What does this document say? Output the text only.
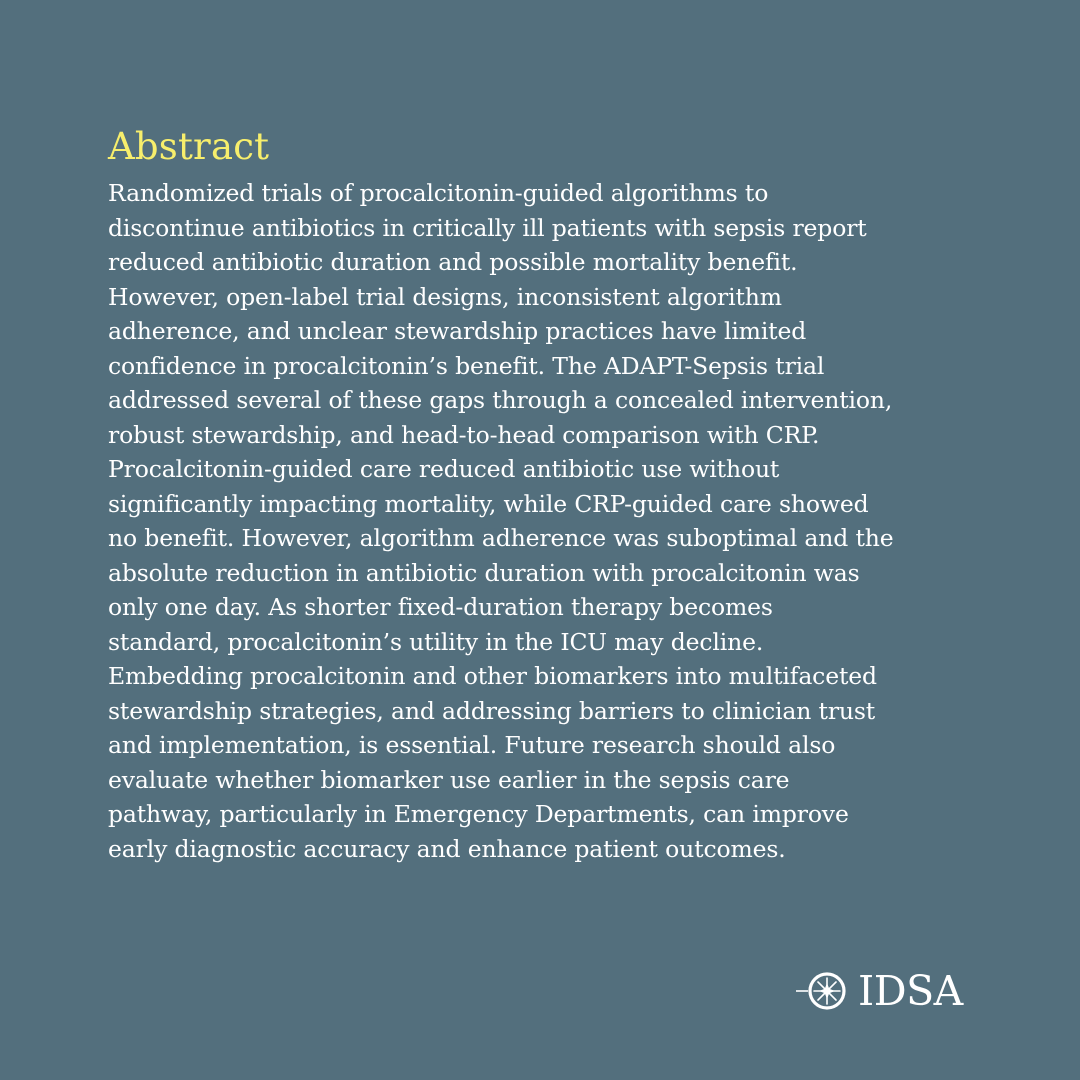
Abstract

Randomized trials of procalcitonin-guided algorithms to
discontinue antibiotics in critically ill patients with sepsis report
reduced antibiotic duration and possible mortality benefit.
However, open-label trial designs, inconsistent algorithm
adherence, and unclear stewardship practices have limited
confidence in procalcitonin’s benefit. The ADAPT-Sepsis trial
addressed several of these gaps through a concealed intervention,
robust stewardship, and head-to-head comparison with CRP.
Procalcitonin-guided care reduced antibiotic use without
significantly impacting mortality, while CRP-guided care showed
no benefit. However, algorithm adherence was suboptimal and the
absolute reduction in antibiotic duration with procalcitonin was
only one day. As shorter fixed-duration therapy becomes
standard, procalcitonin’s utility in the ICU may decline.
Embedding procalcitonin and other biomarkers into multifaceted
stewardship strategies, and addressing barriers to clinician trust
and implementation, is essential. Future research should also
evaluate whether biomarker use earlier in the sepsis care
pathway, particularly in Emergency Departments, can improve
early diagnostic accuracy and enhance patient outcomes.

IDSA
